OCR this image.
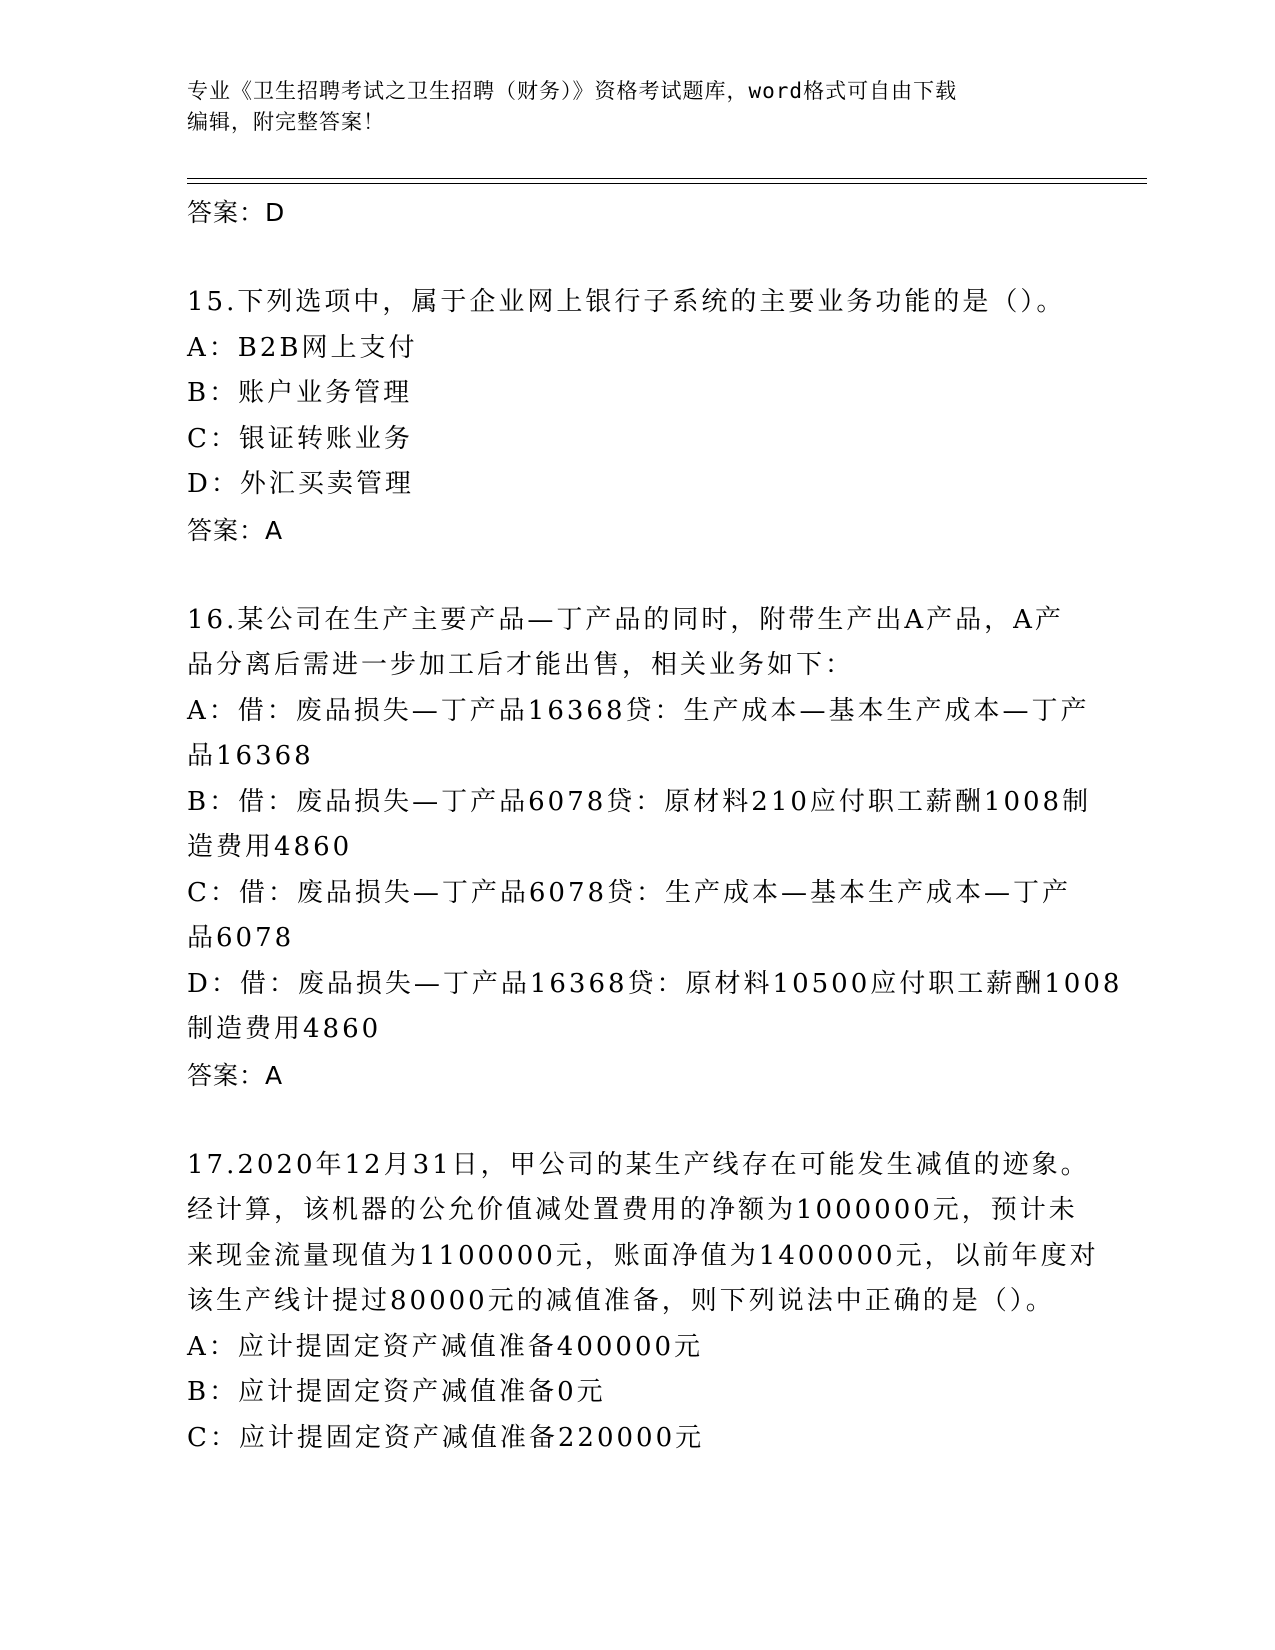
专业《卫生招聘考试之卫生招聘（财务）》资格考试题库，word格式可自由下载
编辑，附完整答案！

答案：D

15.下列选项中，属于企业网上银行子系统的主要业务功能的是（）。

A：B2B网上支付

B：账户业务管理

C：银证转账业务

D：外汇买卖管理

答案：A

16.某公司在生产主要产品—丁产品的同时，附带生产出A产品，A产

品分离后需进一步加工后才能出售，相关业务如下：

A：借：废品损失—丁产品16368贷：生产成本—基本生产成本—丁产

品16368

B：借：废品损失—丁产品6078贷：原材料210应付职工薪酬1008制

造费用4860

C：借：废品损失—丁产品6078贷：生产成本—基本生产成本—丁产

品6078

D：借：废品损失—丁产品16368贷：原材料10500应付职工薪酬1008

制造费用4860

答案：A

17.2020年12月31日，甲公司的某生产线存在可能发生减值的迹象。

经计算，该机器的公允价值减处置费用的净额为1000000元，预计未

来现金流量现值为1100000元，账面净值为1400000元，以前年度对

该生产线计提过80000元的减值准备，则下列说法中正确的是（）。

A：应计提固定资产减值准备400000元

B：应计提固定资产减值准备0元

C：应计提固定资产减值准备220000元
